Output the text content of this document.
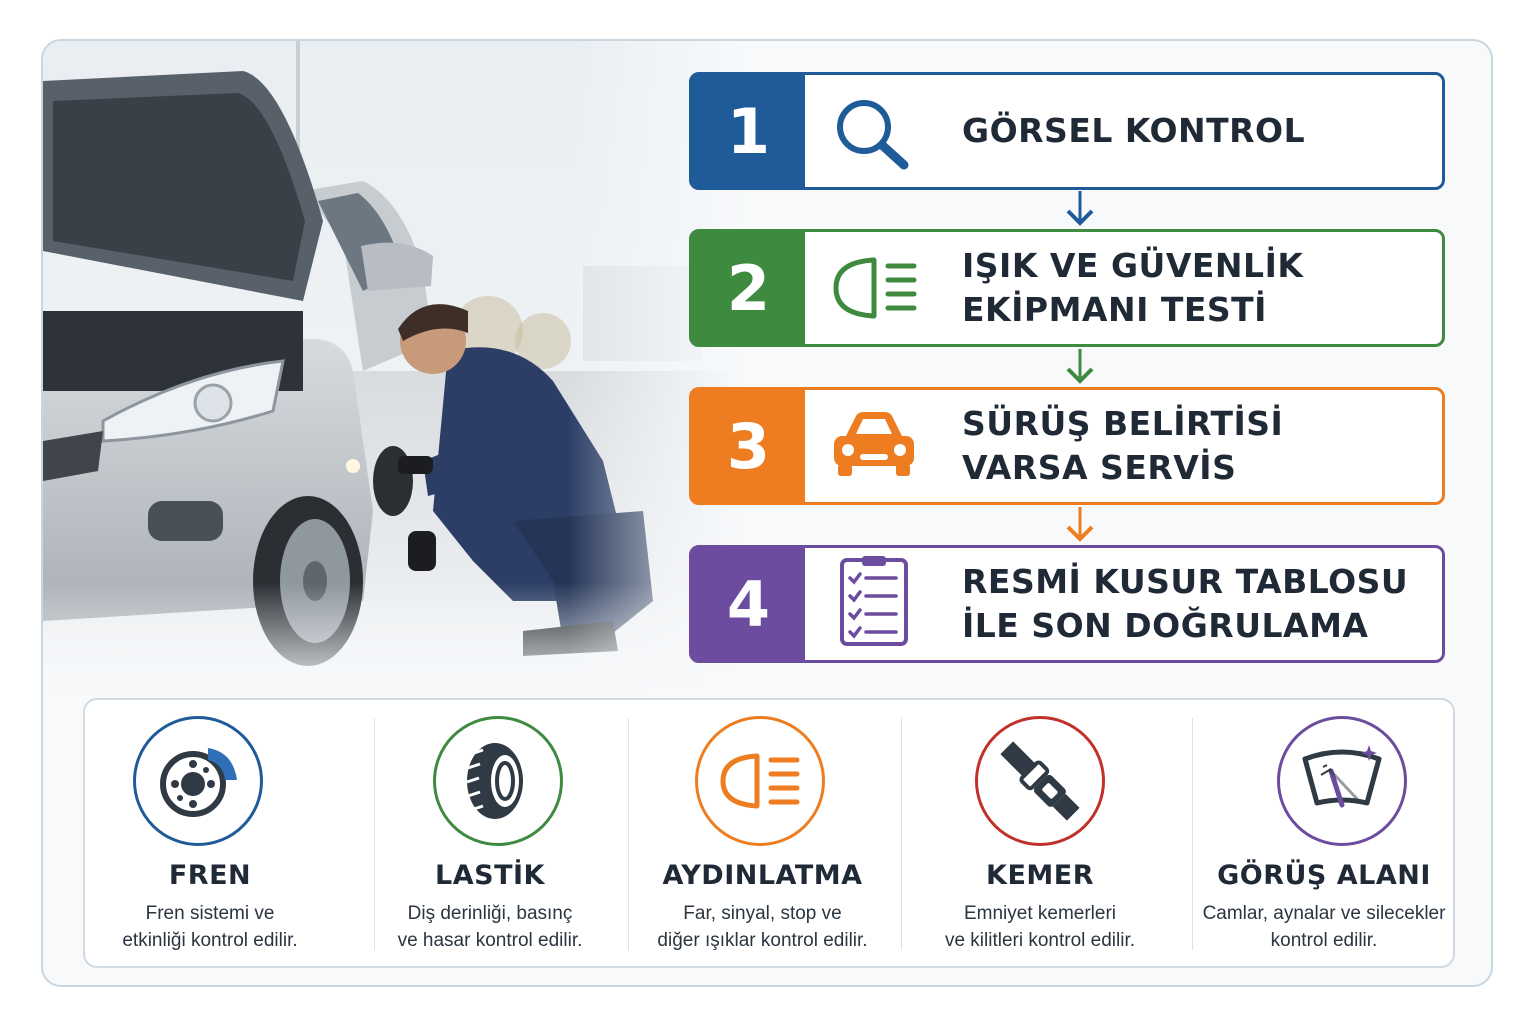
1	GÖRSEL KONTROL
2	IŞIK VE GÜVENLİK
EKİPMANI TESTİ
3	SÜRÜŞ BELİRTİSİ
VARSA SERVİS
4	RESMİ KUSUR TABLOSU
İLE SON DOĞRULAMA
FREN
Fren sistemi ve
etkinliği kontrol edilir.
LASTİK
Diş derinliği, basınç
ve hasar kontrol edilir.
AYDINLATMA
Far, sinyal, stop ve
diğer ışıklar kontrol edilir.
KEMER
Emniyet kemerleri
ve kilitleri kontrol edilir.
GÖRÜŞ ALANI
Camlar, aynalar ve silecekler
kontrol edilir.
